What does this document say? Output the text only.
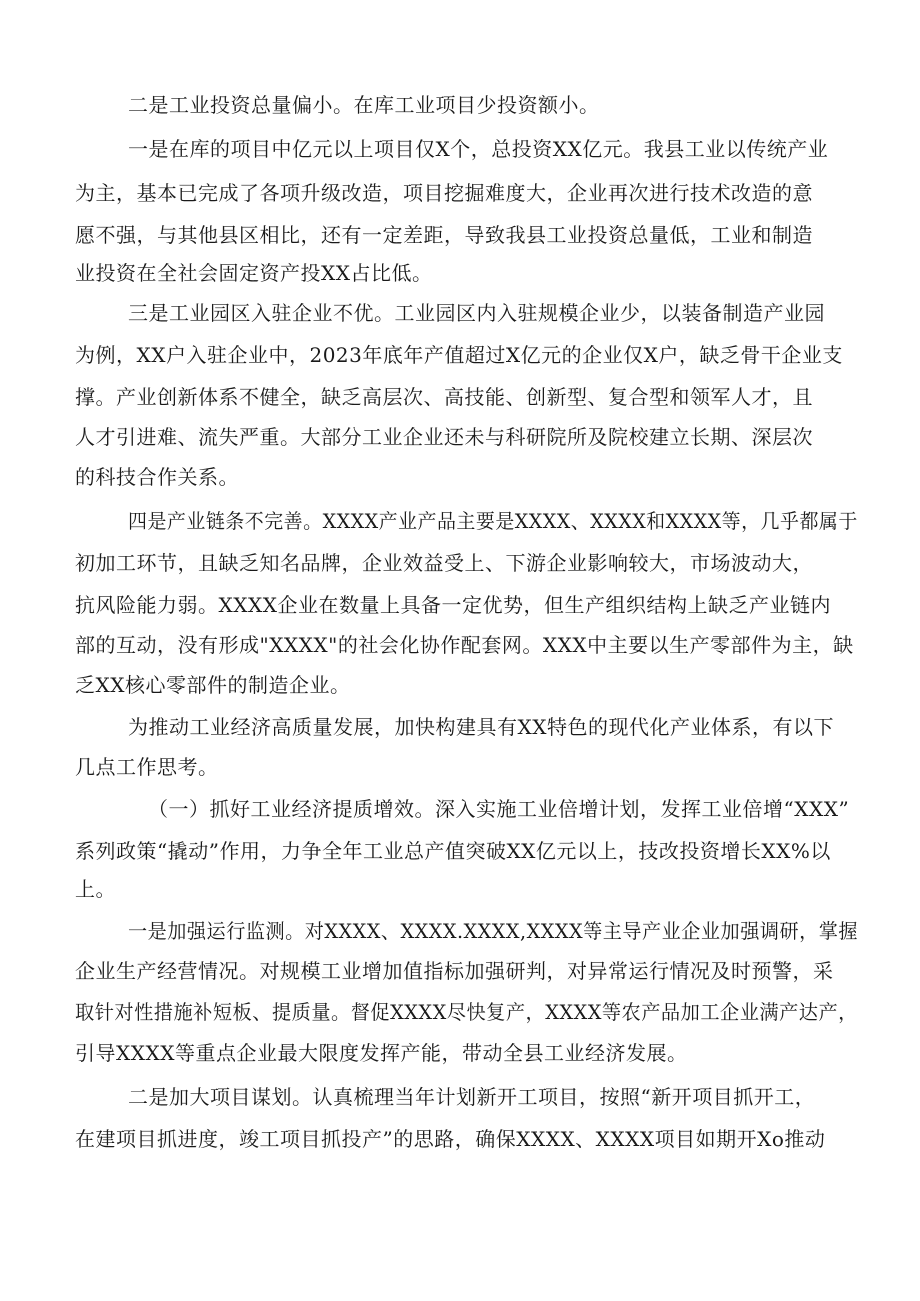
二是工业投资总量偏小。在库工业项目少投资额小。
一是在库的项目中亿元以上项目仅X个，总投资XX亿元。我县工业以传统产业
为主，基本已完成了各项升级改造，项目挖掘难度大，企业再次进行技术改造的意
愿不强，与其他县区相比，还有一定差距，导致我县工业投资总量低，工业和制造
业投资在全社会固定资产投XX占比低。
三是工业园区入驻企业不优。工业园区内入驻规模企业少，以装备制造产业园
为例，XX户入驻企业中，2023年底年产值超过X亿元的企业仅X户，缺乏骨干企业支
撑。产业创新体系不健全，缺乏高层次、高技能、创新型、复合型和领军人才，且
人才引进难、流失严重。大部分工业企业还未与科研院所及院校建立长期、深层次
的科技合作关系。
四是产业链条不完善。XXXX产业产品主要是XXXX、XXXX和XXXX等，几乎都属于
初加工环节，且缺乏知名品牌，企业效益受上、下游企业影响较大，市场波动大，
抗风险能力弱。XXXX企业在数量上具备一定优势，但生产组织结构上缺乏产业链内
部的互动，没有形成"XXXX"的社会化协作配套网。XXX中主要以生产零部件为主，缺
乏XX核心零部件的制造企业。
为推动工业经济高质量发展，加快构建具有XX特色的现代化产业体系，有以下
几点工作思考。
（一）抓好工业经济提质增效。深入实施工业倍增计划，发挥工业倍增“XXX”
系列政策“撬动”作用，力争全年工业总产值突破XX亿元以上，技改投资增长XX%以
上。
一是加强运行监测。对XXXX、XXXX.XXXX,XXXX等主导产业企业加强调研，掌握
企业生产经营情况。对规模工业增加值指标加强研判，对异常运行情况及时预警，采
取针对性措施补短板、提质量。督促XXXX尽快复产，XXXX等农产品加工企业满产达产，
引导XXXX等重点企业最大限度发挥产能，带动全县工业经济发展。
二是加大项目谋划。认真梳理当年计划新开工项目，按照“新开项目抓开工，
在建项目抓进度，竣工项目抓投产”的思路，确保XXXX、XXXX项目如期开Xo推动
